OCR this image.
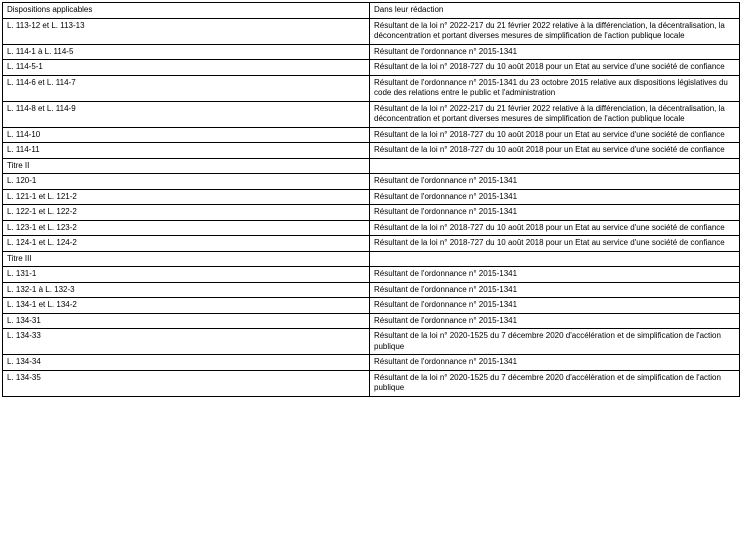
Dispositions applicables	Dans leur rédaction
L. 113-12 et L. 113-13	Résultant de la loi n° 2022-217 du 21 février 2022 relative à la différenciation, la décentralisation, la déconcentration et portant diverses mesures de simplification de l'action publique locale
L. 114-1 à L. 114-5	Résultant de l'ordonnance n° 2015-1341
L. 114-5-1	Résultant de la loi n° 2018-727 du 10 août 2018 pour un Etat au service d'une société de confiance
L. 114-6 et L. 114-7	Résultant de l'ordonnance n° 2015-1341 du 23 octobre 2015 relative aux dispositions législatives du code des relations entre le public et l'administration
L. 114-8 et L. 114-9	Résultant de la loi n° 2022-217 du 21 février 2022 relative à la différenciation, la décentralisation, la déconcentration et portant diverses mesures de simplification de l'action publique locale
L. 114-10	Résultant de la loi n° 2018-727 du 10 août 2018 pour un Etat au service d'une société de confiance
L. 114-11	Résultant de la loi n° 2018-727 du 10 août 2018 pour un Etat au service d'une société de confiance
Titre II	
L. 120-1	Résultant de l'ordonnance n° 2015-1341
L. 121-1 et L. 121-2	Résultant de l'ordonnance n° 2015-1341
L. 122-1 et L. 122-2	Résultant de l'ordonnance n° 2015-1341
L. 123-1 et L. 123-2	Résultant de la loi n° 2018-727 du 10 août 2018 pour un Etat au service d'une société de confiance
L. 124-1 et L. 124-2	Résultant de la loi n° 2018-727 du 10 août 2018 pour un Etat au service d'une société de confiance
Titre III	
L. 131-1	Résultant de l'ordonnance n° 2015-1341
L. 132-1 à L. 132-3	Résultant de l'ordonnance n° 2015-1341
L. 134-1 et L. 134-2	Résultant de l'ordonnance n° 2015-1341
L. 134-31	Résultant de l'ordonnance n° 2015-1341
L. 134-33	Résultant de la loi n° 2020-1525 du 7 décembre 2020 d'accélération et de simplification de l'action publique
L. 134-34	Résultant de l'ordonnance n° 2015-1341
L. 134-35	Résultant de la loi n° 2020-1525 du 7 décembre 2020 d'accélération et de simplification de l'action publique
